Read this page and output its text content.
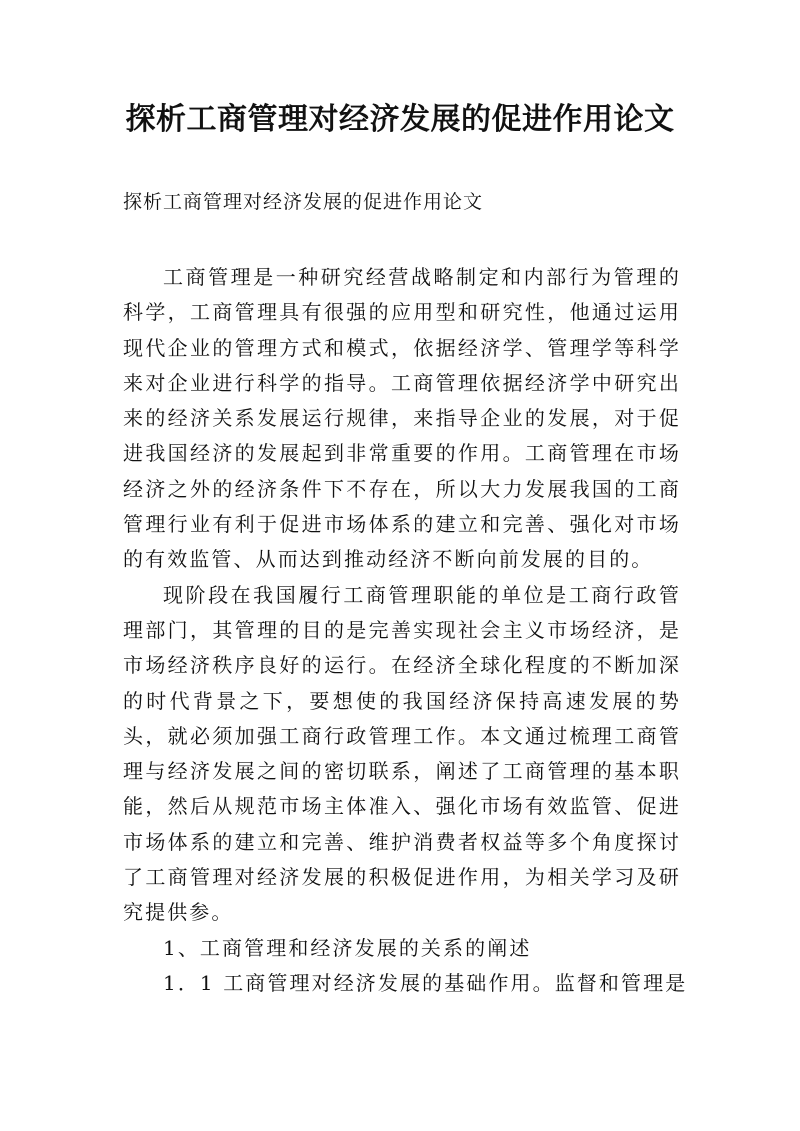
探析工商管理对经济发展的促进作用论文

探析工商管理对经济发展的促进作用论文

工商管理是一种研究经营战略制定和内部行为管理的科学，工商管理具有很强的应用型和研究性，他通过运用现代企业的管理方式和模式，依据经济学、管理学等科学来对企业进行科学的指导。工商管理依据经济学中研究出来的经济关系发展运行规律，来指导企业的发展，对于促进我国经济的发展起到非常重要的作用。工商管理在市场经济之外的经济条件下不存在，所以大力发展我国的工商管理行业有利于促进市场体系的建立和完善、强化对市场的有效监管、从而达到推动经济不断向前发展的目的。

现阶段在我国履行工商管理职能的单位是工商行政管理部门，其管理的目的是完善实现社会主义市场经济，是市场经济秩序良好的运行。在经济全球化程度的不断加深的时代背景之下，要想使的我国经济保持高速发展的势头，就必须加强工商行政管理工作。本文通过梳理工商管理与经济发展之间的密切联系，阐述了工商管理的基本职能，然后从规范市场主体准入、强化市场有效监管、促进市场体系的建立和完善、维护消费者权益等多个角度探讨了工商管理对经济发展的积极促进作用，为相关学习及研究提供参。

1、工商管理和经济发展的关系的阐述

1．1 工商管理对经济发展的基础作用。监督和管理是
